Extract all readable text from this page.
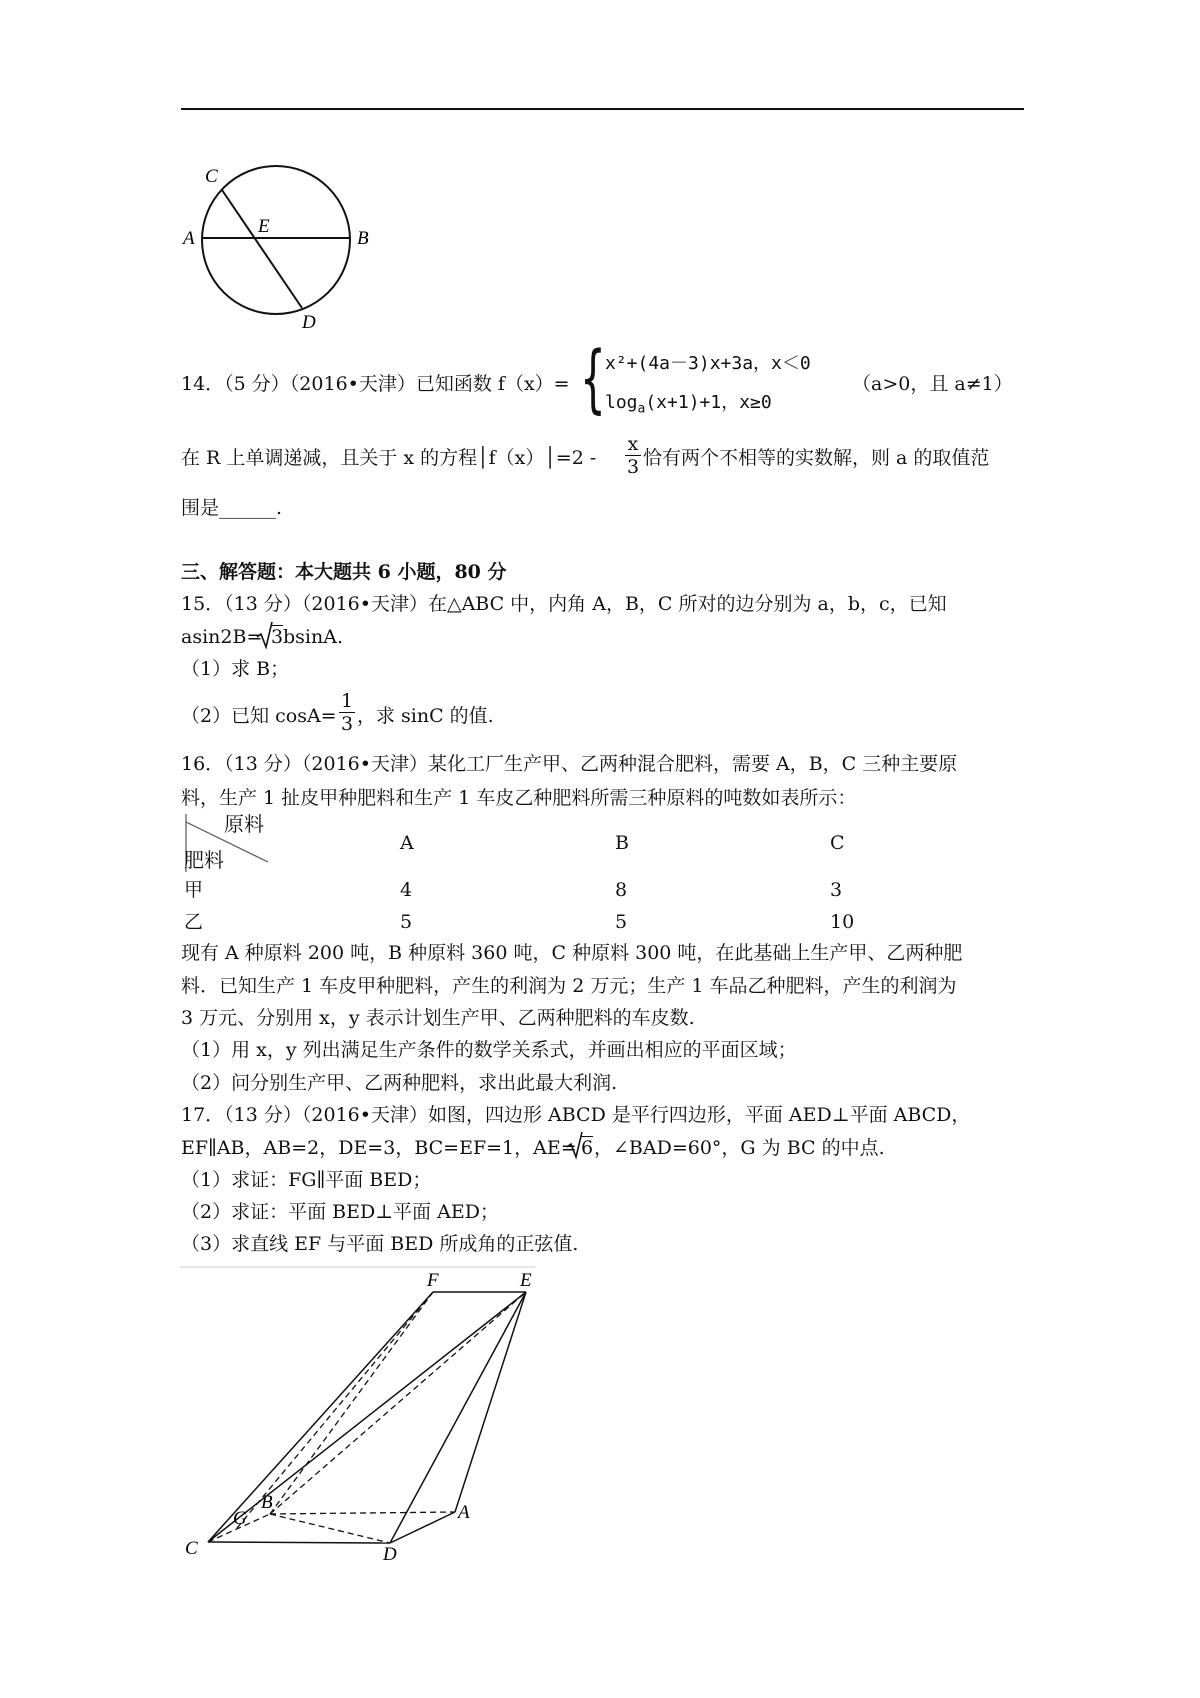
C
E
A	B
D
14．（5 分）（2016•天津）已知函数 f（x）= { x²+(4a－3)x+3a，x＜0
$\log_a(x+1)+1$，x≥0
（a>0，且 a≠1）
在 R 上单调递减，且关于 x 的方程│f（x）│=2 - $\frac{x}{3}$ 恰有两个不相等的实数解，则 a 的取值范
围是______.
三、解答题：本大题共 6 小题，80 分
15．（13 分）（2016•天津）在△ABC 中，内角 A，B，C 所对的边分别为 a，b，c，已知
asin2B= 3 bsinA.
（1）求 B；
（2）已知 $\cos A= \frac{1}{3}$ ，求 sinC 的值.
16．（13 分）（2016•天津）某化工厂生产甲、乙两种混合肥料，需要 A，B，C 三种主要原
料，生产 1 扯皮甲种肥料和生产 1 车皮乙种肥料所需三种原料的吨数如表所示：
原料
肥料
A	B	C
甲	4	8	3
乙	5	5	10
现有 A 种原料 200 吨，B 种原料 360 吨，C 种原料 300 吨，在此基础上生产甲、乙两种肥
料．已知生产 1 车皮甲种肥料，产生的利润为 2 万元；生产 1 车品乙种肥料，产生的利润为
3 万元、分别用 x，y 表示计划生产甲、乙两种肥料的车皮数.
（1）用 x，y 列出满足生产条件的数学关系式，并画出相应的平面区域；
（2）问分别生产甲、乙两种肥料，求出此最大利润.
17．（13 分）（2016•天津）如图，四边形 ABCD 是平行四边形，平面 AED⊥平面 ABCD，
EF∥AB，AB=2，DE=3，BC=EF=1，AE= 6 ，∠BAD=60°，G 为 BC 的中点.
（1）求证：FG∥平面 BED；
（2）求证：平面 BED⊥平面 AED；
（3）求直线 EF 与平面 BED 所成角的正弦值.
F	E
G
B	A
C	D
